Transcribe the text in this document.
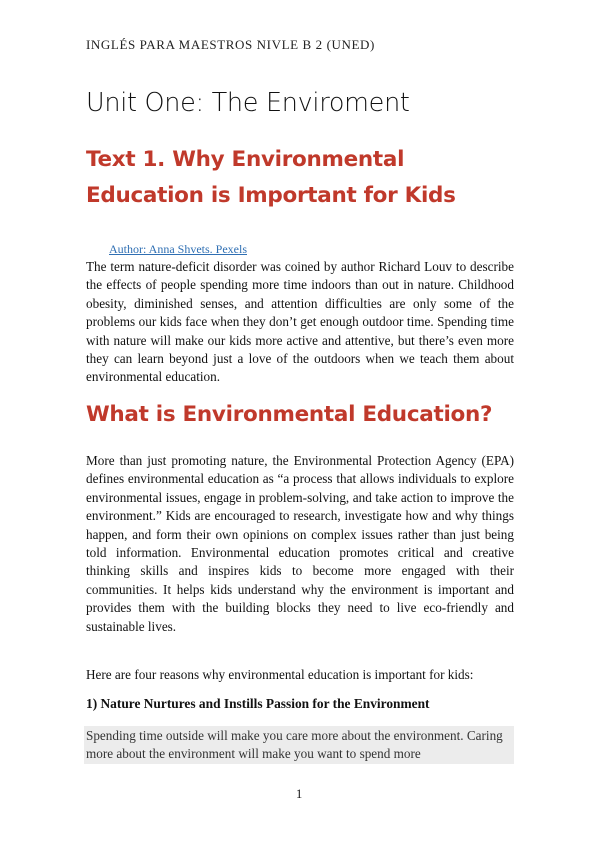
INGLÉS PARA MAESTROS NIVLE B 2 (UNED)
Unit One: The Enviroment
Text 1. Why Environmental Education is Important for Kids
Author: Anna Shvets. Pexels

The term nature-deficit disorder was coined by author Richard Louv to describe the effects of people spending more time indoors than out in nature. Childhood obesity, diminished senses, and attention difficulties are only some of the problems our kids face when they don’t get enough outdoor time. Spending time with nature will make our kids more active and attentive, but there’s even more they can learn beyond just a love of the outdoors when we teach them about environmental education.

What is Environmental Education?

More than just promoting nature, the Environmental Protection Agency (EPA) defines environmental education as “a process that allows individuals to explore environmental issues, engage in problem-solving, and take action to improve the environment.” Kids are encouraged to research, investigate how and why things happen, and form their own opinions on complex issues rather than just being told information. Environmental education promotes critical and creative thinking skills and inspires kids to become more engaged with their communities. It helps kids understand why the environment is important and provides them with the building blocks they need to live eco-friendly and sustainable lives.

Here are four reasons why environmental education is important for kids:

1) Nature Nurtures and Instills Passion for the Environment

Spending time outside will make you care more about the environment. Caring more about the environment will make you want to spend more

1
